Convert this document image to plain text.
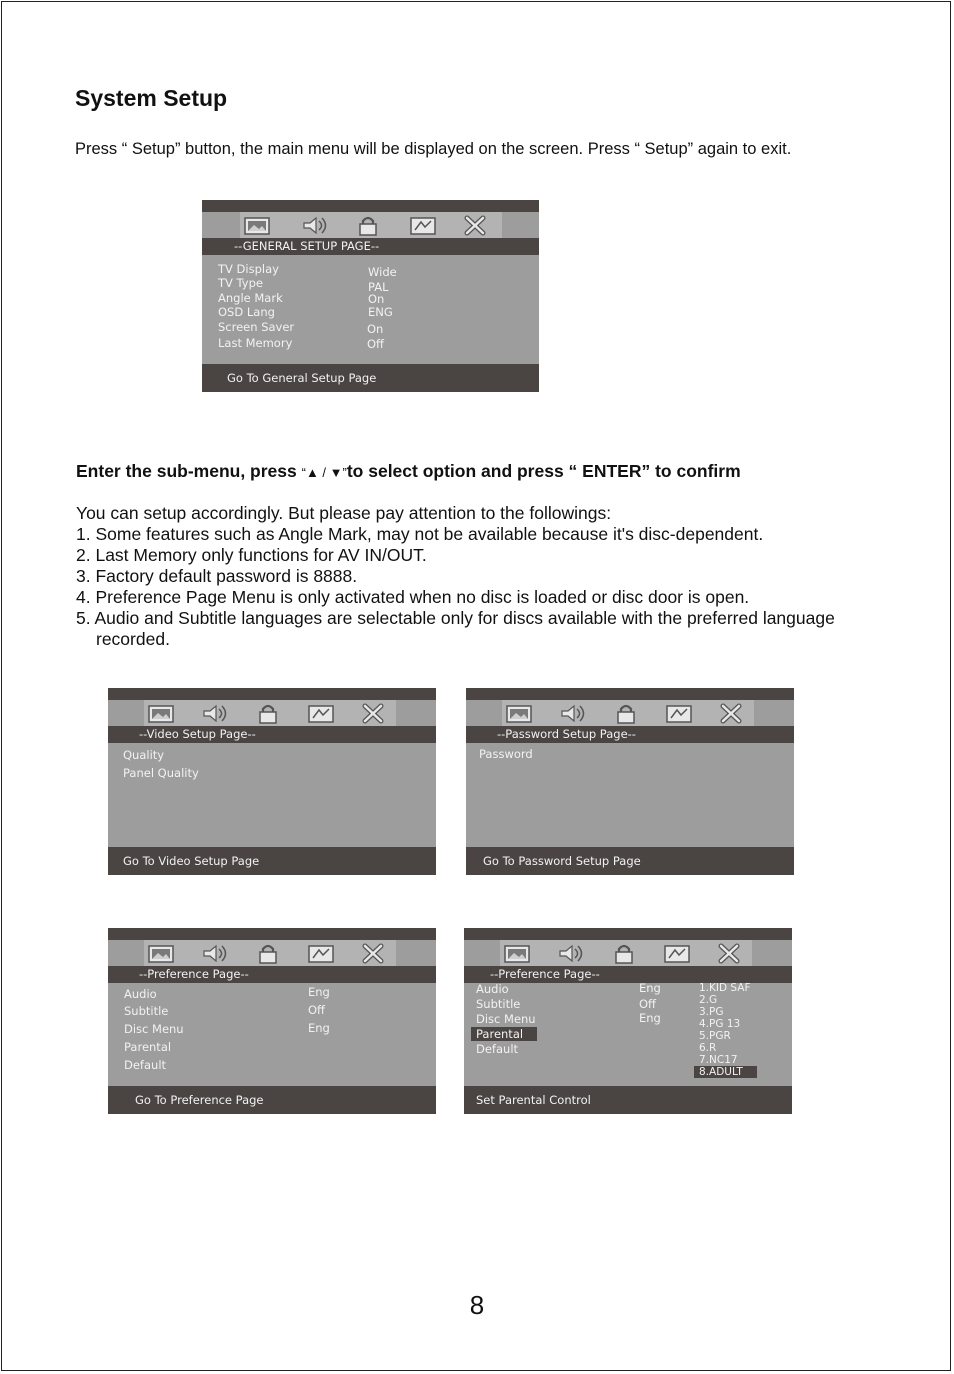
System Setup
Press “ Setup” button, the main menu will be displayed on the screen. Press “ Setup” again to exit.
--GENERAL SETUP PAGE--
TV Display
TV Type
Angle Mark
OSD Lang
Screen Saver
Last Memory
Wide
PAL
On
ENG
On
Off
Go To General Setup Page
Enter the sub-menu, press “▲ / ▼”to select option and press “ ENTER” to confirm
You can setup accordingly. But please pay attention to the followings:
1. Some features such as Angle Mark, may not be available because it's disc-dependent.
2. Last Memory only functions for AV IN/OUT.
3. Factory default password is 8888.
4. Preference Page Menu is only activated when no disc is loaded or disc door is open.
5. Audio and Subtitle languages are selectable only for discs available with the preferred language recorded.
--Video Setup Page--
Quality
Panel Quality
Go To Video Setup Page
--Password Setup Page--
Password
Go To Password Setup Page
--Preference Page--
Audio
Subtitle
Disc Menu
Parental
Default
Eng
Off
Eng
Go To Preference Page
--Preference Page--
Audio
Subtitle
Disc Menu
Parental
Default
Eng
Off
Eng
1.KID SAF
2.G
3.PG
4.PG 13
5.PGR
6.R
7.NC17
8.ADULT
Set Parental Control
8
